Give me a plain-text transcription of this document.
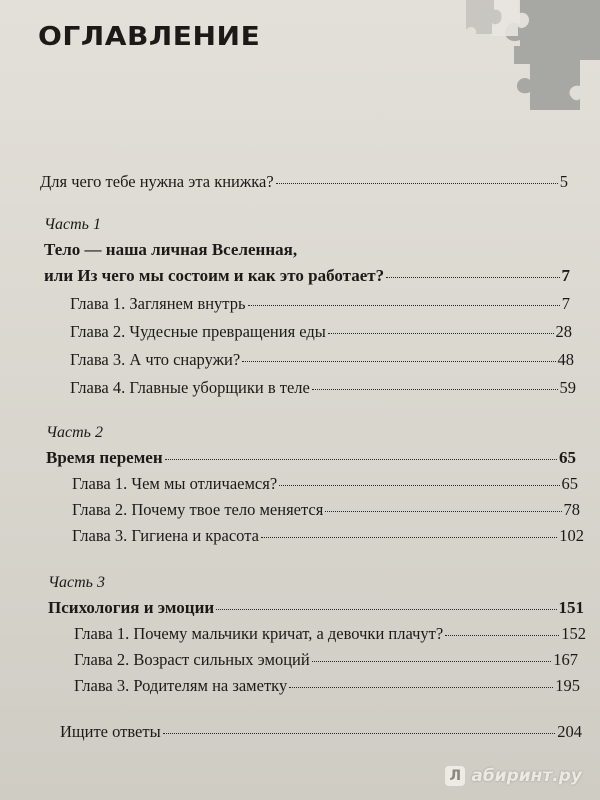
ОГЛАВЛЕНИЕ
Для чего тебе нужна эта книжка?	5
Часть 1
Тело — наша личная Вселенная,
или Из чего мы состоим и как это работает?	7
Глава 1. Заглянем внутрь	7
Глава 2. Чудесные превращения еды	28
Глава 3. А что снаружи?	48
Глава 4. Главные уборщики в теле	59
Часть 2
Время перемен	65
Глава 1. Чем мы отличаемся?	65
Глава 2. Почему твое тело меняется	78
Глава 3. Гигиена и красота	102
Часть 3
Психология и эмоции	151
Глава 1. Почему мальчики кричат, а девочки плачут?	152
Глава 2. Возраст сильных эмоций	167
Глава 3. Родителям на заметку	195
Ищите ответы	204
Л абиринт.ру
